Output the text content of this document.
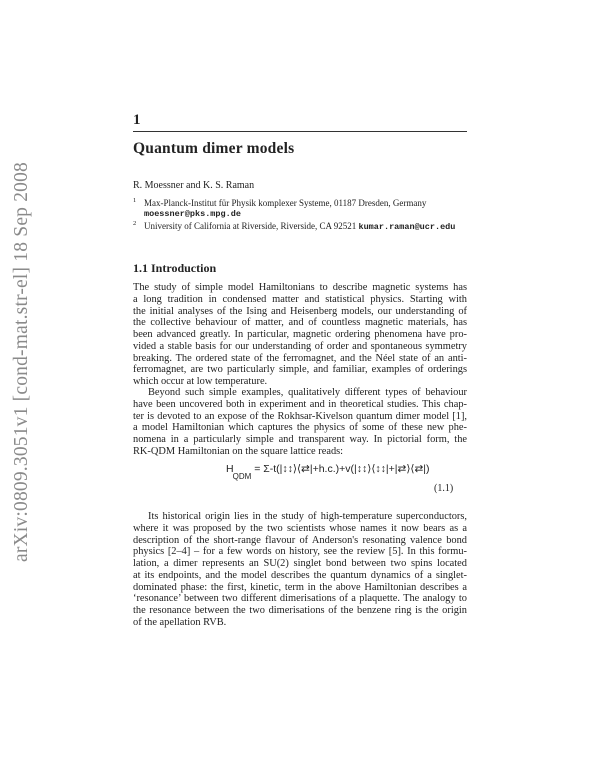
arXiv:0809.3051v1 [cond-mat.str-el] 18 Sep 2008
1
Quantum dimer models
R. Moessner and K. S. Raman
$^1$ Max-Planck-Institut für Physik komplexer Systeme, 01187 Dresden, Germany
moessner@pks.mpg.de
$^2$ University of California at Riverside, Riverside, CA 92521 kumar.raman@ucr.edu
1.1 Introduction
The study of simple model Hamiltonians to describe magnetic systems has
a long tradition in condensed matter and statistical physics. Starting with
the initial analyses of the Ising and Heisenberg models, our understanding of
the collective behaviour of matter, and of countless magnetic materials, has
been advanced greatly. In particular, magnetic ordering phenomena have pro-
vided a stable basis for our understanding of order and spontaneous symmetry
breaking. The ordered state of the ferromagnet, and the Néel state of an anti-
ferromagnet, are two particularly simple, and familiar, examples of orderings
which occur at low temperature.
Beyond such simple examples, qualitatively different types of behaviour
have been uncovered both in experiment and in theoretical studies. This chap-
ter is devoted to an expose of the Rokhsar-Kivelson quantum dimer model [1],
a model Hamiltonian which captures the physics of some of these new phe-
nomena in a particularly simple and transparent way. In pictorial form, the
RK-QDM Hamiltonian on the square lattice reads:
$H_{QDM}$ = Σ-t(|↕↕⟩⟨⇄|+h.c.)+v(|↕↕⟩⟨↕↕|+|⇄⟩⟨⇄|)
(1.1)
Its historical origin lies in the study of high-temperature superconductors,
where it was proposed by the two scientists whose names it now bears as a
description of the short-range flavour of Anderson's resonating valence bond
physics [2–4] – for a few words on history, see the review [5]. In this formu-
lation, a dimer represents an SU(2) singlet bond between two spins located
at its endpoints, and the model describes the quantum dynamics of a singlet-
dominated phase: the first, kinetic, term in the above Hamiltonian describes a
‘resonance’ between two different dimerisations of a plaquette. The analogy to
the resonance between the two dimerisations of the benzene ring is the origin
of the apellation RVB.
